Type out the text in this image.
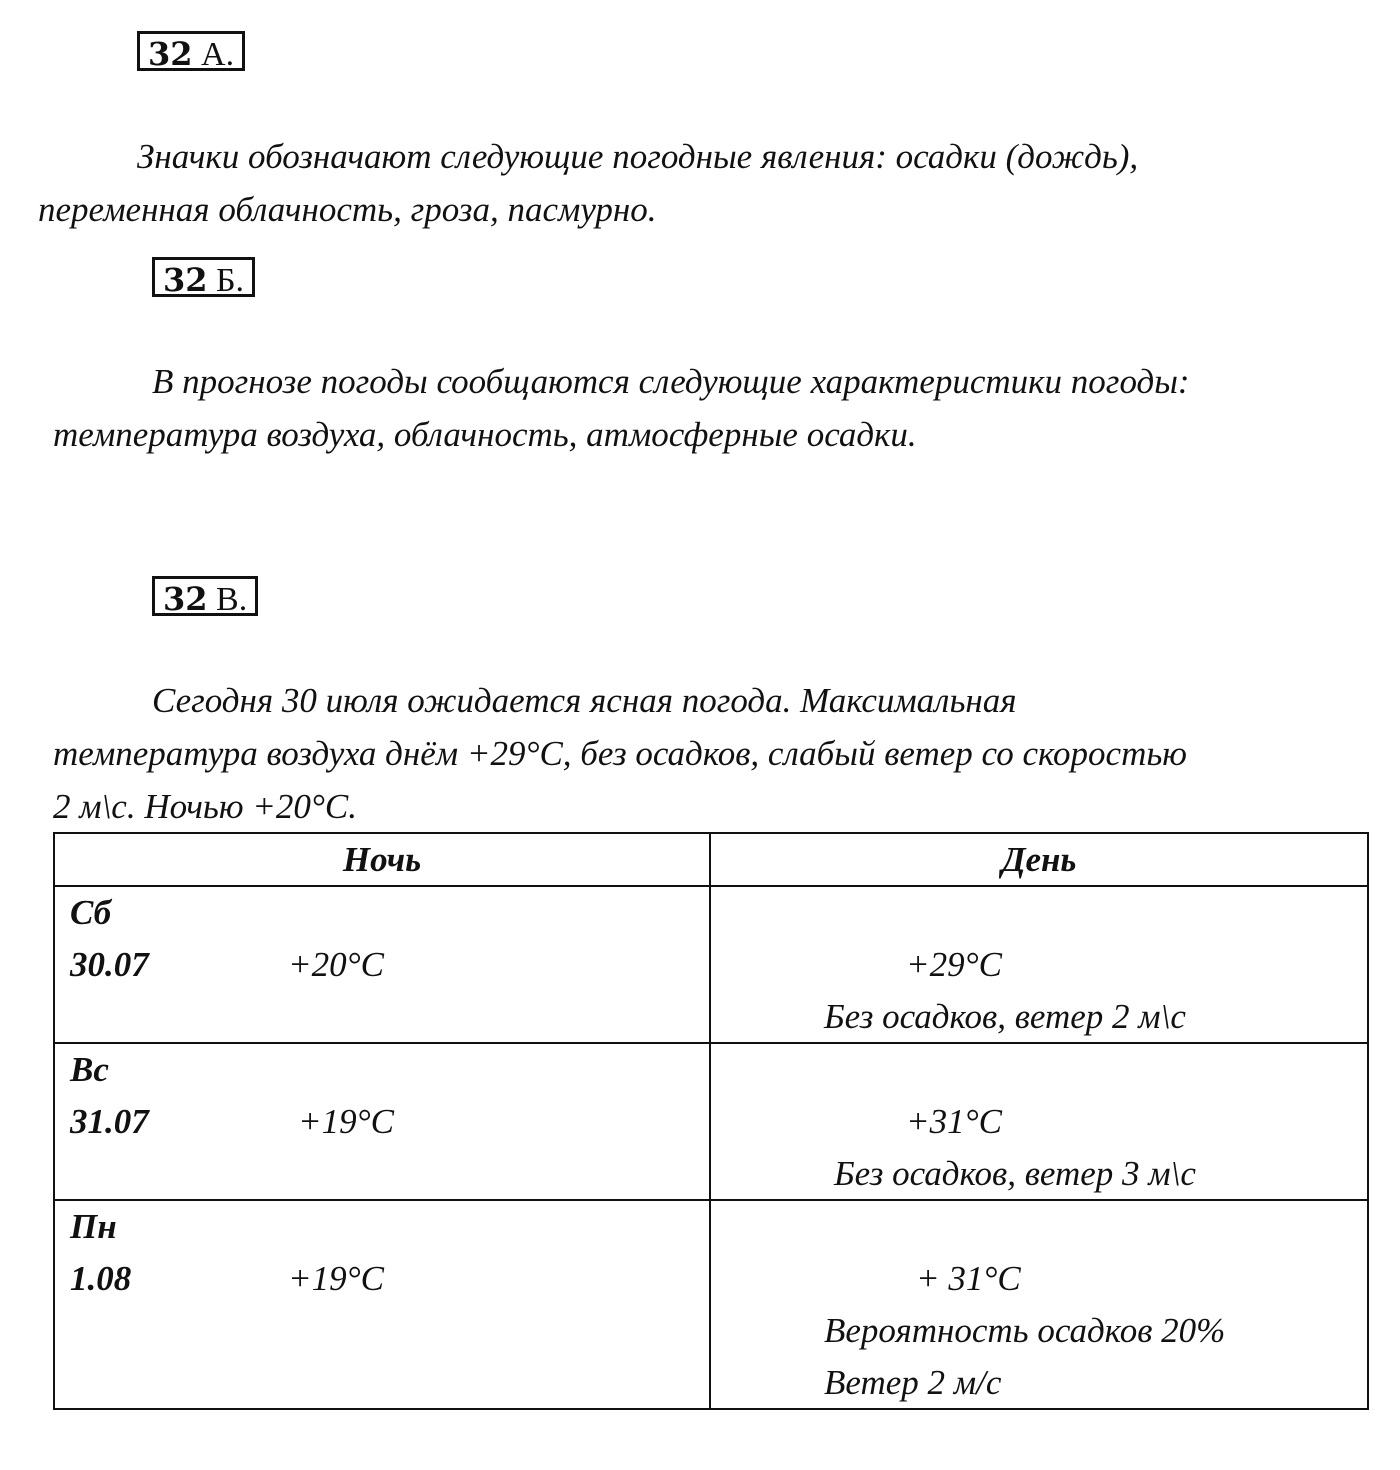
32 А.
Значки обозначают следующие погодные явления: осадки (дождь),
переменная облачность, гроза, пасмурно.
32 Б.
В прогнозе погоды сообщаются следующие характеристики погоды:
температура воздуха, облачность, атмосферные осадки.
32 В.
Сегодня 30 июля ожидается ясная погода. Максимальная
температура воздуха днём +29°C, без осадков, слабый ветер со скоростью
2 м\с. Ночью +20°C.
Ночь	День

Сб
30.07 +20°C	+29°C
Без осадков, ветер 2 м\с

Вс
31.07 +19°C	+31°C
Без осадков, ветер 3 м\с

Пн
1.08 +19°C	+ 31°C
Вероятность осадков 20%
Ветер 2 м/с
